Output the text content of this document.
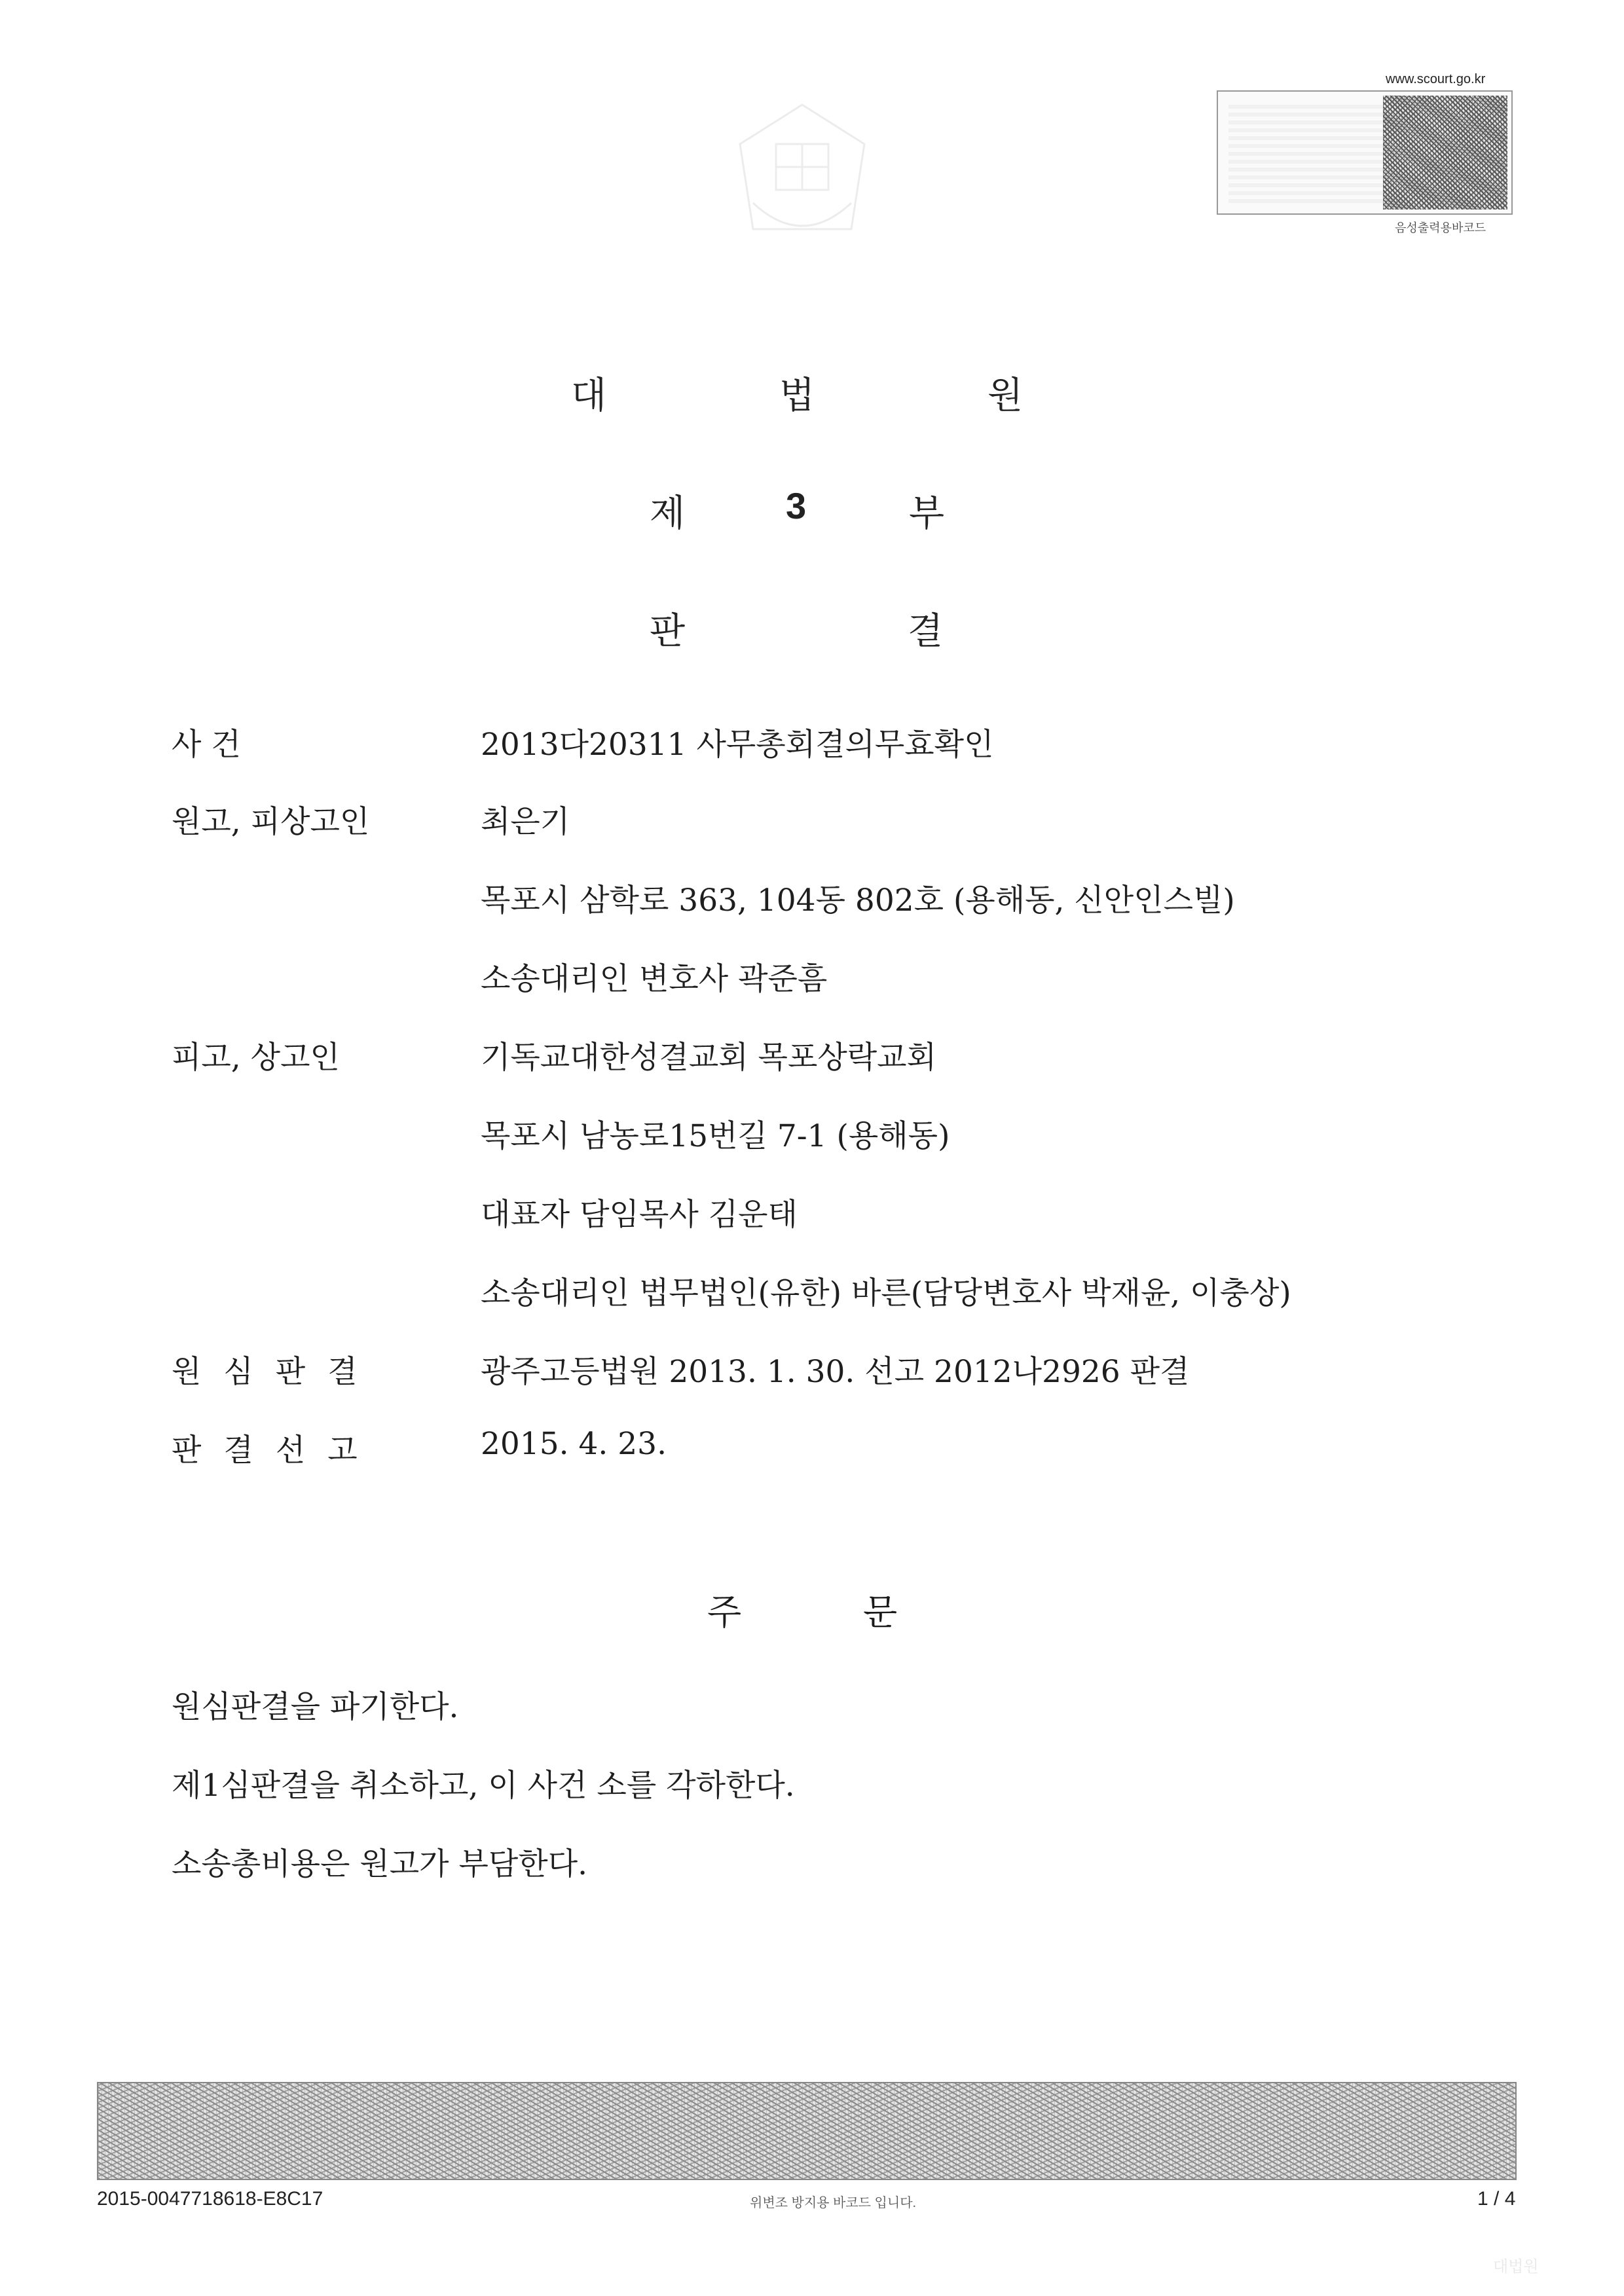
www.scourt.go.kr
음성출력용바코드
대	법	원
제	3	부
판	결
사 건	2013다20311 사무총회결의무효확인
원고, 피상고인	최은기
목포시 삼학로 363, 104동 802호 (용해동, 신안인스빌)
소송대리인 변호사 곽준흠
피고, 상고인	기독교대한성결교회 목포상락교회
목포시 남농로15번길 7-1 (용해동)
대표자 담임목사 김운태
소송대리인 법무법인(유한) 바른(담당변호사 박재윤, 이충상)
원심판결	광주고등법원 2013. 1. 30. 선고 2012나2926 판결
판결선고	2015. 4. 23.
주	문
원심판결을 파기한다.
제1심판결을 취소하고, 이 사건 소를 각하한다.
소송총비용은 원고가 부담한다.
2015-0047718618-E8C17	위변조 방지용 바코드 입니다.	1 / 4
대법원
